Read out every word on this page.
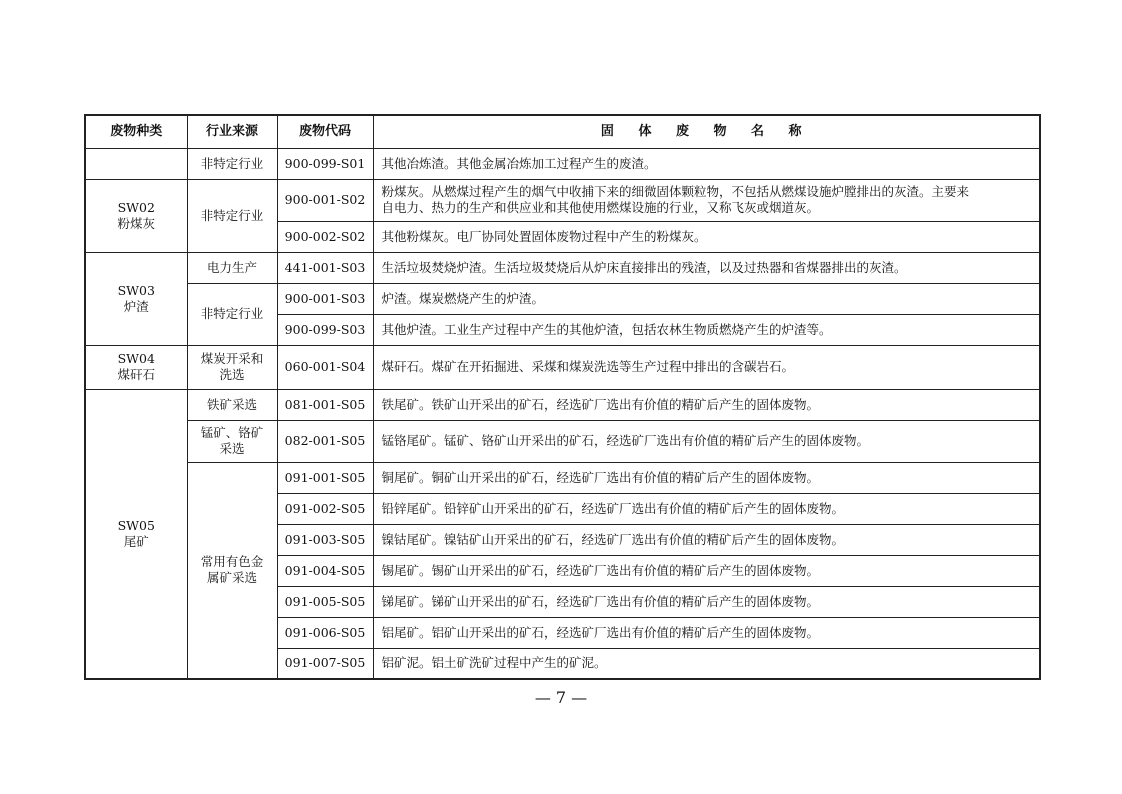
废物种类	行业来源	废物代码	固 体 废 物 名 称
	非特定行业	900-099-S01	其他冶炼渣。其他金属冶炼加工过程产生的废渣。

SW02
粉煤灰	非特定行业	900-001-S02	粉煤灰。从燃煤过程产生的烟气中收捕下来的细微固体颗粒物，不包括从燃煤设施炉膛排出的灰渣。主要来
自电力、热力的生产和供应业和其他使用燃煤设施的行业，又称飞灰或烟道灰。

		900-002-S02	其他粉煤灰。电厂协同处置固体废物过程中产生的粉煤灰。

SW03
炉渣	电力生产	441-001-S03	生活垃圾焚烧炉渣。生活垃圾焚烧后从炉床直接排出的残渣，以及过热器和省煤器排出的灰渣。
	非特定行业	900-001-S03	炉渣。煤炭燃烧产生的炉渣。
		900-099-S03	其他炉渣。工业生产过程中产生的其他炉渣，包括农林生物质燃烧产生的炉渣等。

SW04
煤矸石	煤炭开采和
洗选	060-001-S04	煤矸石。煤矿在开拓掘进、采煤和煤炭洗选等生产过程中排出的含碳岩石。

SW05
尾矿	铁矿采选	081-001-S05	铁尾矿。铁矿山开采出的矿石，经选矿厂选出有价值的精矿后产生的固体废物。

	锰矿、铬矿
采选	082-001-S05	锰铬尾矿。锰矿、铬矿山开采出的矿石，经选矿厂选出有价值的精矿后产生的固体废物。

	常用有色金
属矿采选	091-001-S05	铜尾矿。铜矿山开采出的矿石，经选矿厂选出有价值的精矿后产生的固体废物。
		091-002-S05	铅锌尾矿。铅锌矿山开采出的矿石，经选矿厂选出有价值的精矿后产生的固体废物。
		091-003-S05	镍钴尾矿。镍钴矿山开采出的矿石，经选矿厂选出有价值的精矿后产生的固体废物。
		091-004-S05	锡尾矿。锡矿山开采出的矿石，经选矿厂选出有价值的精矿后产生的固体废物。
		091-005-S05	锑尾矿。锑矿山开采出的矿石，经选矿厂选出有价值的精矿后产生的固体废物。
		091-006-S05	铝尾矿。铝矿山开采出的矿石，经选矿厂选出有价值的精矿后产生的固体废物。
		091-007-S05	铝矿泥。铝土矿洗矿过程中产生的矿泥。
— 7 —
